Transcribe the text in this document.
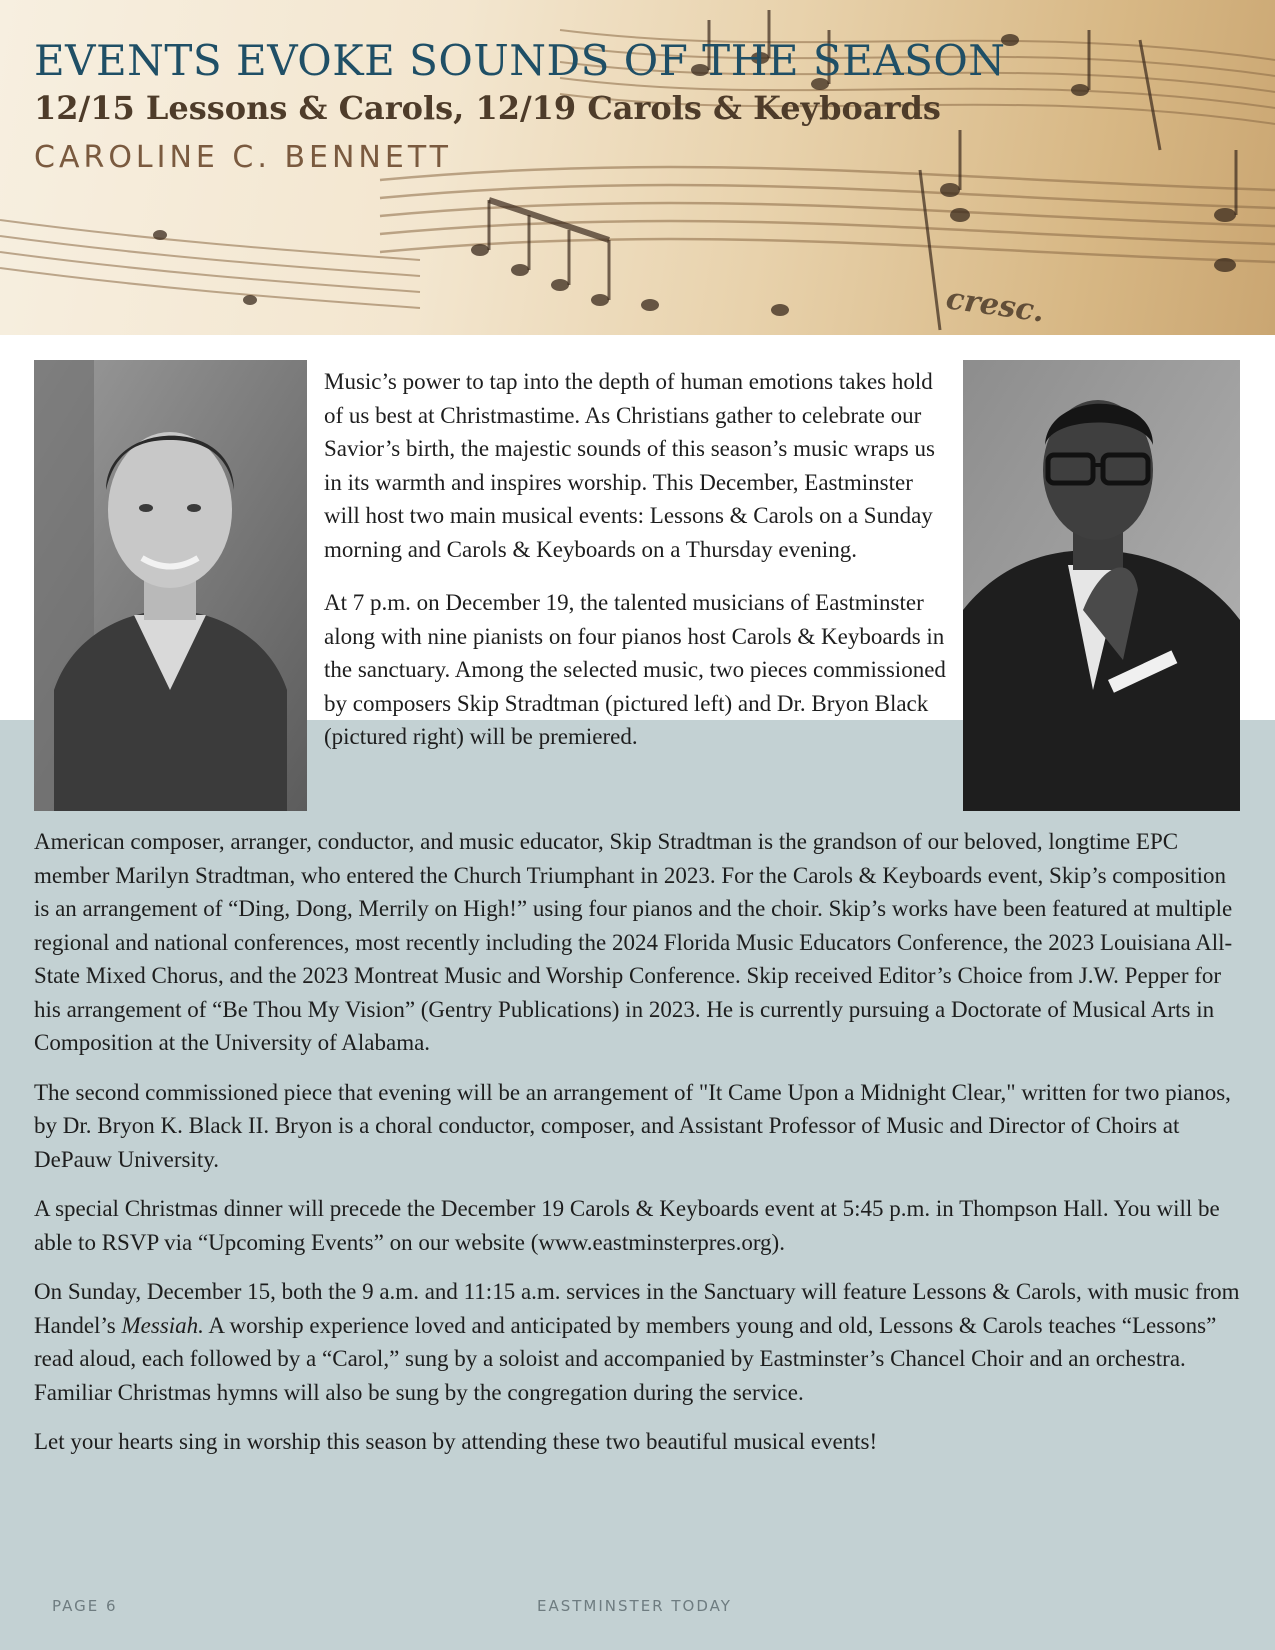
cresc.
EVENTS EVOKE SOUNDS OF THE SEASON
12/15 Lessons & Carols, 12/19 Carols & Keyboards

CAROLINE C. BENNETT

Music’s power to tap into the depth of human emotions takes hold of us best at Christmastime. As Christians gather to celebrate our Savior’s birth, the majestic sounds of this season’s music wraps us in its warmth and inspires worship. This December, Eastminster will host two main musical events: Lessons & Carols on a Sunday morning and Carols & Keyboards on a Thursday evening.

At 7 p.m. on December 19, the talented musicians of Eastminster along with nine pianists on four pianos host Carols & Keyboards in the sanctuary. Among the selected music, two pieces commissioned by composers Skip Stradtman (pictured left) and Dr. Bryon Black (pictured right) will be premiered.

American composer, arranger, conductor, and music educator, Skip Stradtman is the grandson of our beloved, longtime EPC member Marilyn Stradtman, who entered the Church Triumphant in 2023. For the Carols & Keyboards event, Skip’s composition is an arrangement of “Ding, Dong, Merrily on High!” using four pianos and the choir. Skip’s works have been featured at multiple regional and national conferences, most recently including the 2024 Florida Music Educators Conference, the 2023 Louisiana All-State Mixed Chorus, and the 2023 Montreat Music and Worship Conference. Skip received Editor’s Choice from J.W. Pepper for his arrangement of “Be Thou My Vision” (Gentry Publications) in 2023. He is currently pursuing a Doctorate of Musical Arts in Composition at the University of Alabama.

The second commissioned piece that evening will be an arrangement of "It Came Upon a Midnight Clear," written for two pianos, by Dr. Bryon K. Black II. Bryon is a choral conductor, composer, and Assistant Professor of Music and Director of Choirs at DePauw University.

A special Christmas dinner will precede the December 19 Carols & Keyboards event at 5:45 p.m. in Thompson Hall. You will be able to RSVP via “Upcoming Events” on our website (www.eastminsterpres.org).

On Sunday, December 15, both the 9 a.m. and 11:15 a.m. services in the Sanctuary will feature Lessons & Carols, with music from Handel’s Messiah. A worship experience loved and anticipated by members young and old, Lessons & Carols teaches “Lessons” read aloud, each followed by a “Carol,” sung by a soloist and accompanied by Eastminster’s Chancel Choir and an orchestra. Familiar Christmas hymns will also be sung by the congregation during the service.

Let your hearts sing in worship this season by attending these two beautiful musical events!

PAGE 6	EASTMINSTER TODAY
